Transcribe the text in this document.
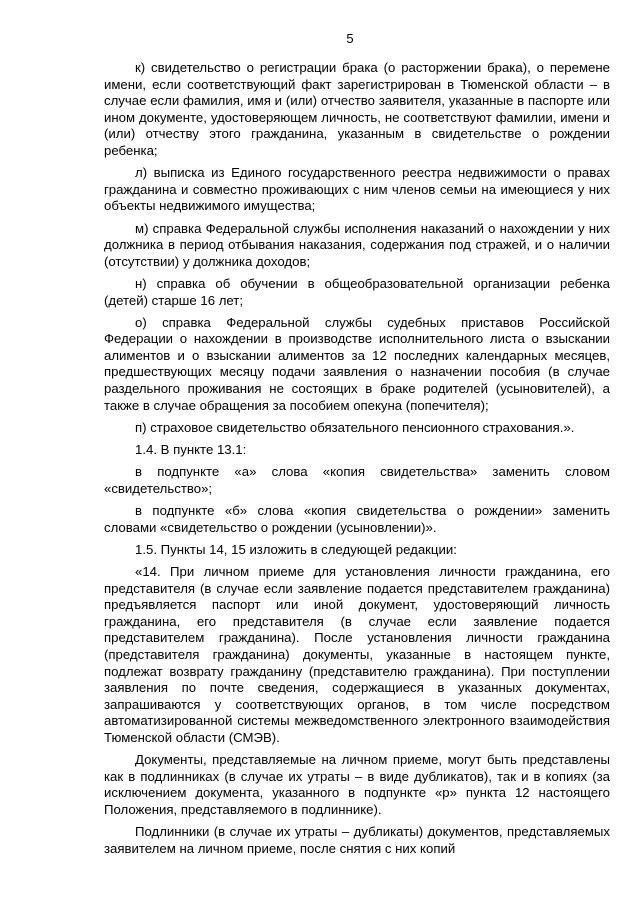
5

к) свидетельство о регистрации брака (о расторжении брака), о перемене имени, если соответствующий факт зарегистрирован в Тюменской области – в случае если фамилия, имя и (или) отчество заявителя, указанные в паспорте или ином документе, удостоверяющем личность, не соответствуют фамилии, имени и (или) отчеству этого гражданина, указанным в свидетельстве о рождении ребенка;

л) выписка из Единого государственного реестра недвижимости о правах гражданина и совместно проживающих с ним членов семьи на имеющиеся у них объекты недвижимого имущества;

м) справка Федеральной службы исполнения наказаний о нахождении у них должника в период отбывания наказания, содержания под стражей, и о наличии (отсутствии) у должника доходов;

н) справка об обучении в общеобразовательной организации ребенка (детей) старше 16 лет;

о) справка Федеральной службы судебных приставов Российской Федерации о нахождении в производстве исполнительного листа о взыскании алиментов и о взыскании алиментов за 12 последних календарных месяцев, предшествующих месяцу подачи заявления о назначении пособия (в случае раздельного проживания не состоящих в браке родителей (усыновителей), а также в случае обращения за пособием опекуна (попечителя);

п) страховое свидетельство обязательного пенсионного страхования.».

1.4. В пункте 13.1:

в подпункте «а» слова «копия свидетельства» заменить словом «свидетельство»;

в подпункте «б» слова «копия свидетельства о рождении» заменить словами «свидетельство о рождении (усыновлении)».

1.5. Пункты 14, 15 изложить в следующей редакции:

«14. При личном приеме для установления личности гражданина, его представителя (в случае если заявление подается представителем гражданина) предъявляется паспорт или иной документ, удостоверяющий личность гражданина, его представителя (в случае если заявление подается представителем гражданина). После установления личности гражданина (представителя гражданина) документы, указанные в настоящем пункте, подлежат возврату гражданину (представителю гражданина). При поступлении заявления по почте сведения, содержащиеся в указанных документах, запрашиваются у соответствующих органов, в том числе посредством автоматизированной системы межведомственного электронного взаимодействия Тюменской области (СМЭВ).

Документы, представляемые на личном приеме, могут быть представлены как в подлинниках (в случае их утраты – в виде дубликатов), так и в копиях (за исключением документа, указанного в подпункте «р» пункта 12 настоящего Положения, представляемого в подлиннике).

Подлинники (в случае их утраты – дубликаты) документов, представляемых заявителем на личном приеме, после снятия с них копий
